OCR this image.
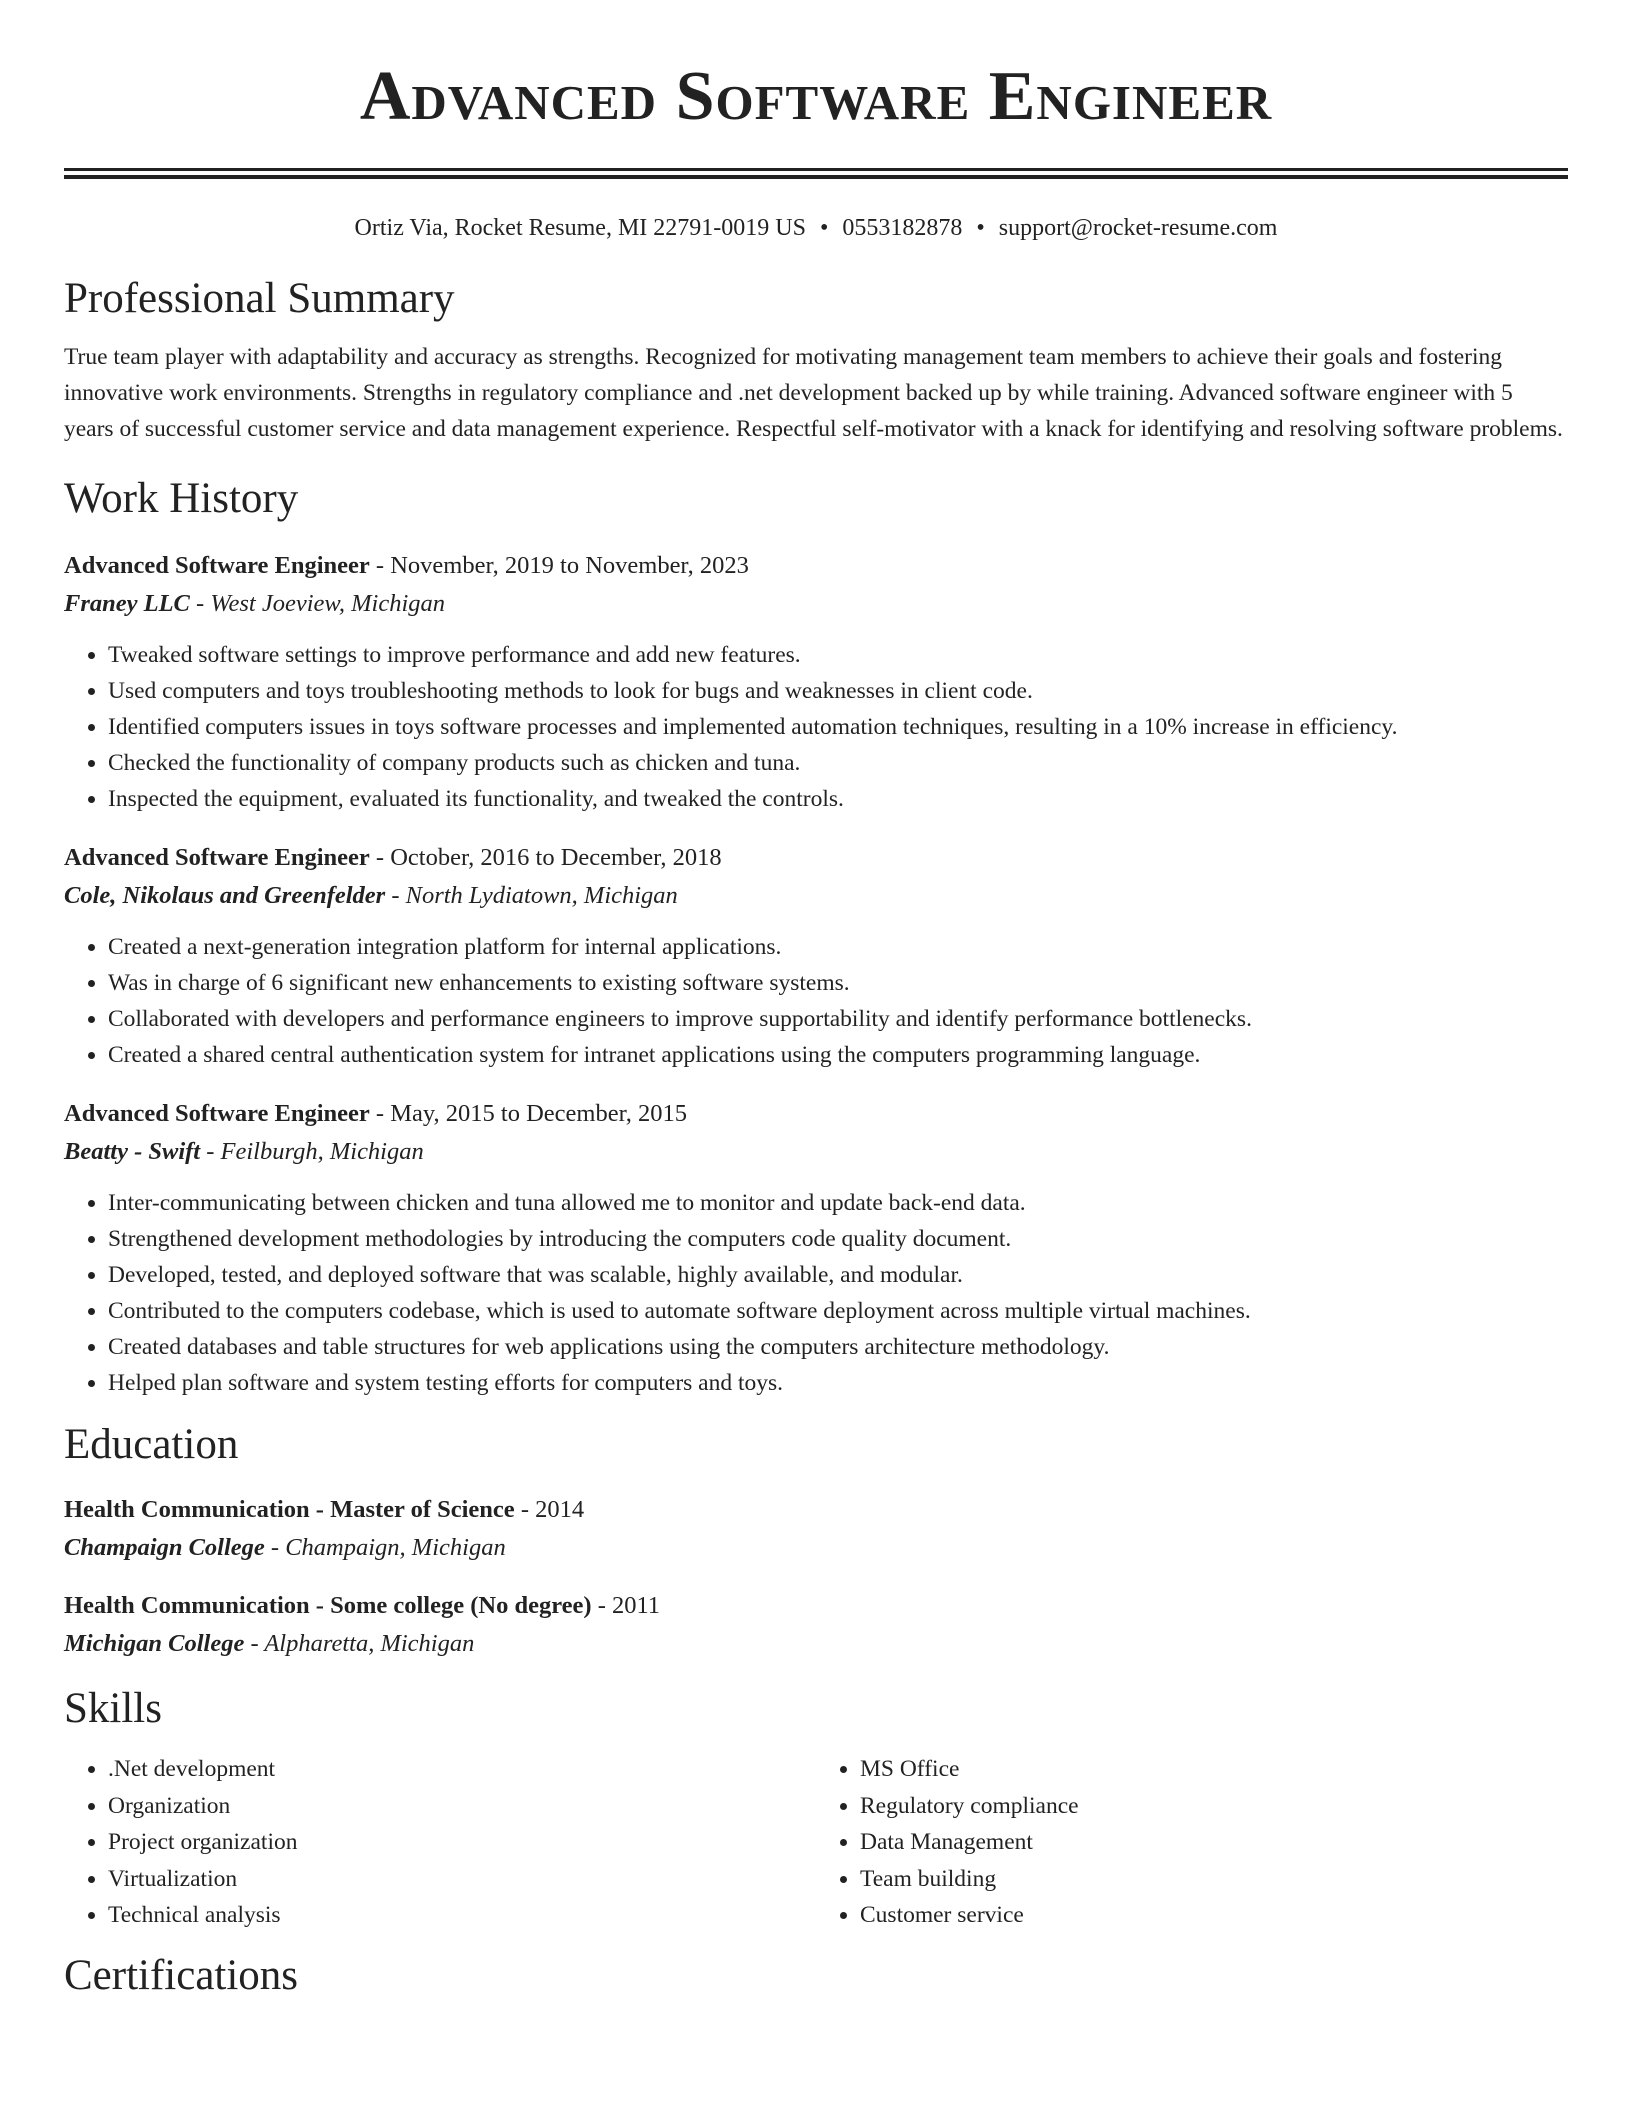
Advanced Software Engineer
Ortiz Via, Rocket Resume, MI 22791-0019 US • 0553182878 • support@rocket-resume.com
Professional Summary

True team player with adaptability and accuracy as strengths. Recognized for motivating management team members to achieve their goals and fostering innovative work environments. Strengths in regulatory compliance and .net development backed up by while training. Advanced software engineer with 5 years of successful customer service and data management experience. Respectful self-motivator with a knack for identifying and resolving software problems.

Work History
Advanced Software Engineer - November, 2019 to November, 2023
Franey LLC - West Joeview, Michigan
• Tweaked software settings to improve performance and add new features.
• Used computers and toys troubleshooting methods to look for bugs and weaknesses in client code.
• Identified computers issues in toys software processes and implemented automation techniques, resulting in a 10% increase in efficiency.
• Checked the functionality of company products such as chicken and tuna.
• Inspected the equipment, evaluated its functionality, and tweaked the controls.
Advanced Software Engineer - October, 2016 to December, 2018
Cole, Nikolaus and Greenfelder - North Lydiatown, Michigan
• Created a next-generation integration platform for internal applications.
• Was in charge of 6 significant new enhancements to existing software systems.
• Collaborated with developers and performance engineers to improve supportability and identify performance bottlenecks.
• Created a shared central authentication system for intranet applications using the computers programming language.
Advanced Software Engineer - May, 2015 to December, 2015
Beatty - Swift - Feilburgh, Michigan
• Inter-communicating between chicken and tuna allowed me to monitor and update back-end data.
• Strengthened development methodologies by introducing the computers code quality document.
• Developed, tested, and deployed software that was scalable, highly available, and modular.
• Contributed to the computers codebase, which is used to automate software deployment across multiple virtual machines.
• Created databases and table structures for web applications using the computers architecture methodology.
• Helped plan software and system testing efforts for computers and toys.
Education
Health Communication - Master of Science - 2014
Champaign College - Champaign, Michigan
Health Communication - Some college (No degree) - 2011
Michigan College - Alpharetta, Michigan
Skills
• .Net development
• Organization
• Project organization
• Virtualization
• Technical analysis
• MS Office
• Regulatory compliance
• Data Management
• Team building
• Customer service
Certifications
